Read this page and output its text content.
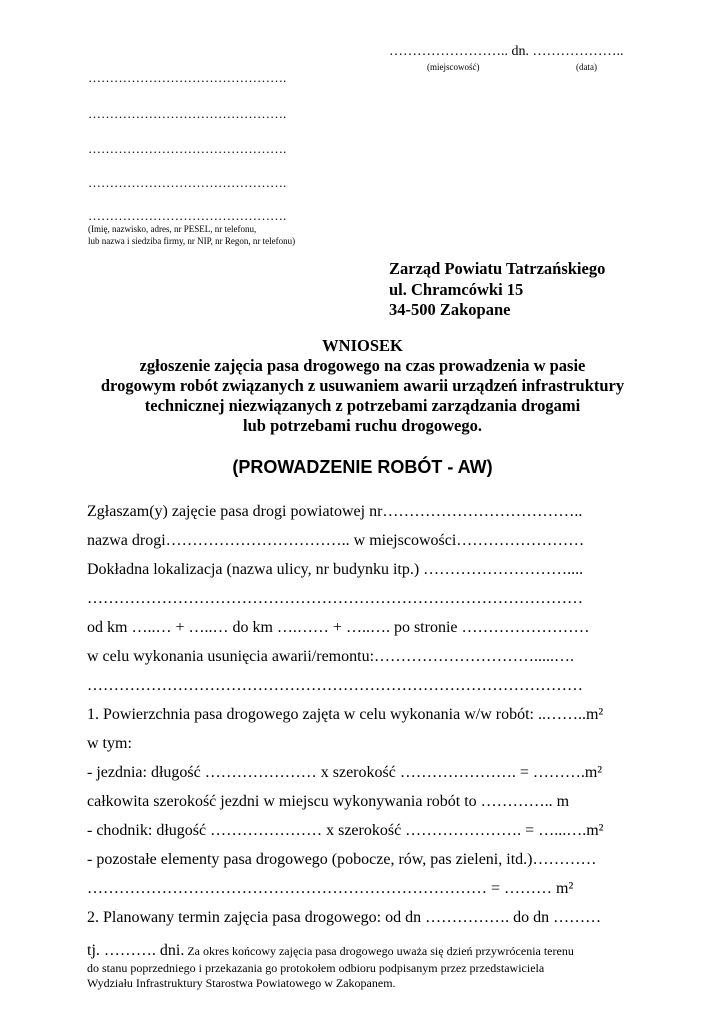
…………………….. dn. ………………..
(miejscowość)	(data)
……………………………………….
……………………………………….
……………………………………….
……………………………………….
……………………………………….
(Imię, nazwisko, adres, nr PESEL, nr telefonu,
lub nazwa i siedziba firmy, nr NIP, nr Regon, nr telefonu)
Zarząd Powiatu Tatrzańskiego
ul. Chramcówki 15
34-500 Zakopane
WNIOSEK
zgłoszenie zajęcia pasa drogowego na czas prowadzenia w pasie
drogowym robót związanych z usuwaniem awarii urządzeń infrastruktury
technicznej niezwiązanych z potrzebami zarządzania drogami
lub potrzebami ruchu drogowego.
(PROWADZENIE ROBÓT - AW)
Zgłaszam(y) zajęcie pasa drogi powiatowej nr………………………………..
nazwa drogi…………………………….. w miejscowości……………………
Dokładna lokalizacja (nazwa ulicy, nr budynku itp.) ………………………....
…………………………………………………………………………………
od km …..… + …..… do km ….…… + …..…. po stronie ……………………
w celu wykonania usunięcia awarii/remontu:………………………….....….
…………………………………………………………………………………
1. Powierzchnia pasa drogowego zajęta w celu wykonania w/w robót: ..……..m²
w tym:
- jezdnia: długość ………………… x szerokość …………………. = ……….m²
całkowita szerokość jezdni w miejscu wykonywania robót to ………….. m
- chodnik: długość ………………… x szerokość …………………. = …...….m²
- pozostałe elementy pasa drogowego (pobocze, rów, pas zieleni, itd.)…………
………………………………………………………………… = ……… m²
2. Planowany termin zajęcia pasa drogowego: od dn ……………. do dn ………
tj. ………. dni. Za okres końcowy zajęcia pasa drogowego uważa się dzień przywrócenia terenu
do stanu poprzedniego i przekazania go protokołem odbioru podpisanym przez przedstawiciela
Wydziału Infrastruktury Starostwa Powiatowego w Zakopanem.
